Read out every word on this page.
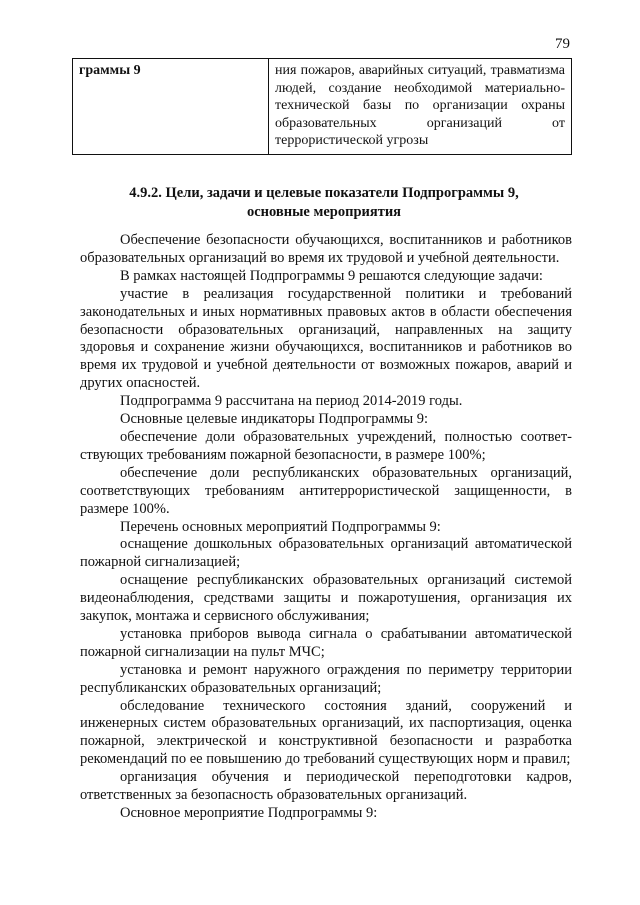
79
граммы 9	ния пожаров, аварийных ситуаций, травматизма людей, создание необходимой материально-технической базы по организации охраны образовательных организаций от террористической угрозы
4.9.2. Цели, задачи и целевые показатели Подпрограммы 9,
основные мероприятия

Обеспечение безопасности обучающихся, воспитанников и работников образовательных организаций во время их трудовой и учебной деятельности.

В рамках настоящей Подпрограммы 9 решаются следующие задачи:

участие в реализация государственной политики и требований законодательных и иных нормативных правовых актов в области обеспечения безопасности образовательных организаций, направленных на защиту здоровья и сохранение жизни обучающихся, воспитанников и работников во время их трудовой и учебной деятельности от возможных пожаров, аварий и других опасностей.

Подпрограмма 9 рассчитана на период 2014-2019 годы.

Основные целевые индикаторы Подпрограммы 9:

обеспечение доли образовательных учреждений, полностью соответ-ствующих требованиям пожарной безопасности, в размере 100%;

обеспечение доли республиканских образовательных организаций, соответствующих требованиям антитеррористической защищенности, в размере 100%.

Перечень основных мероприятий Подпрограммы 9:

оснащение дошкольных образовательных организаций автоматической пожарной сигнализацией;

оснащение республиканских образовательных организаций системой видеонаблюдения, средствами защиты и пожаротушения, организация их закупок, монтажа и сервисного обслуживания;

установка приборов вывода сигнала о срабатывании автоматической пожарной сигнализации на пульт МЧС;

установка и ремонт наружного ограждения по периметру территории республиканских образовательных организаций;

обследование технического состояния зданий, сооружений и инженерных систем образовательных организаций, их паспортизация, оценка пожарной, электрической и конструктивной безопасности и разработка рекомендаций по ее повышению до требований существующих норм и правил;

организация обучения и периодической переподготовки кадров, ответственных за безопасность образовательных организаций.

Основное мероприятие Подпрограммы 9:
